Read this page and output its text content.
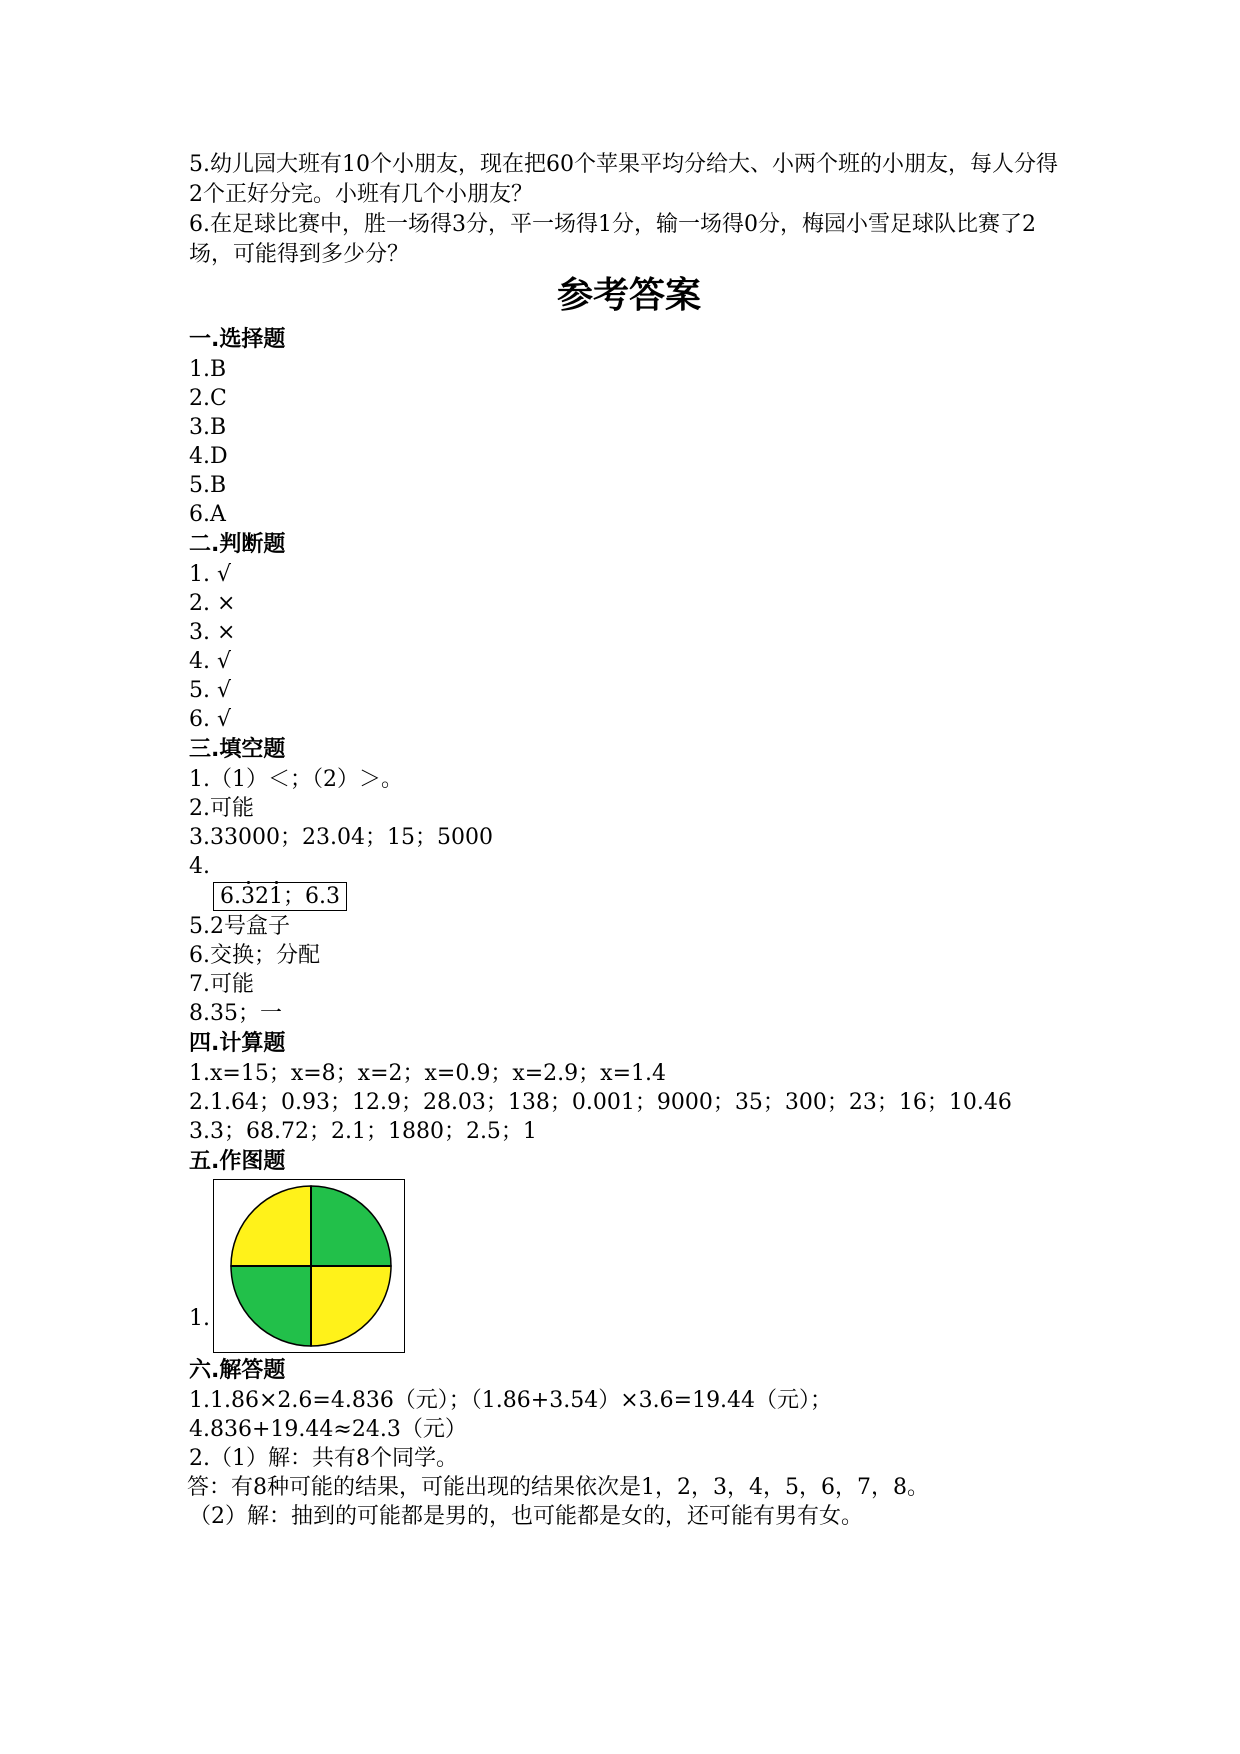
5.幼儿园大班有10个小朋友，现在把60个苹果平均分给大、小两个班的小朋友，每人分得2个正好分完。小班有几个小朋友？
6.在足球比赛中，胜一场得3分，平一场得1分，输一场得0分，梅园小雪足球队比赛了2场，可能得到多少分？
参考答案
一.选择题
1.B
2.C
3.B
4.D
5.B
6.A
二.判断题
1. √
2. ×
3. ×
4. √
5. √
6. √
三.填空题
1.（1）＜；（2）＞。
2.可能
3.33000；23.04；15；5000
4.
6.321；6.3
5.2号盒子
6.交换；分配
7.可能
8.35；一
四.计算题
1.x=15；x=8；x=2；x=0.9；x=2.9；x=1.4
2.1.64；0.93；12.9；28.03；138；0.001；9000；35；300；23；16；10.46
3.3；68.72；2.1；1880；2.5；1
五.作图题
1.
六.解答题
1.1.86×2.6=4.836（元）；（1.86+3.54）×3.6=19.44（元）；
4.836+19.44≈24.3（元）
2.（1）解：共有8个同学。
答：有8种可能的结果，可能出现的结果依次是1，2，3，4，5，6，7，8。
（2）解：抽到的可能都是男的，也可能都是女的，还可能有男有女。
